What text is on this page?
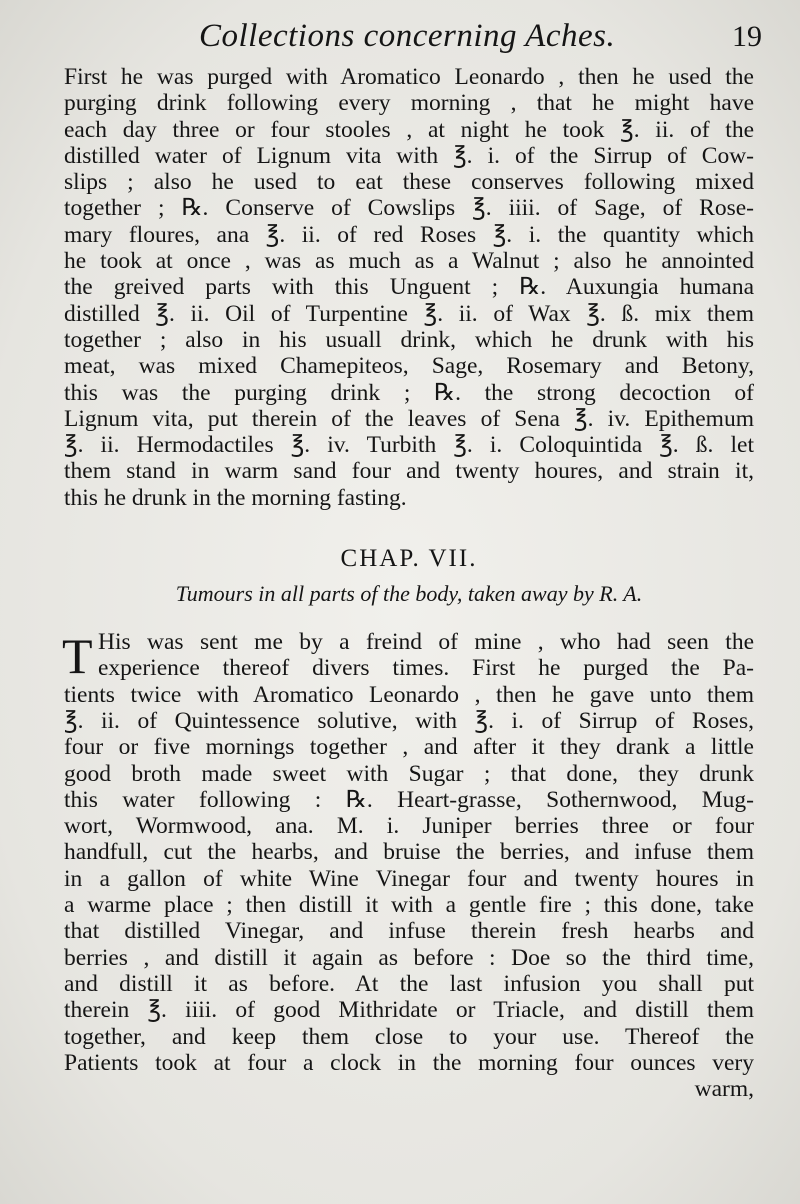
Collections concerning Aches.	19
First he was purged with Aromatico Leonardo , then he used the
purging drink following every morning , that he might have
each day three or four stooles , at night he took ℥. ii. of the
distilled water of Lignum vita with ℥. i. of the Sirrup of Cow-
slips ; also he used to eat these conserves following mixed
together ; ℞. Conserve of Cowslips ℥. iiii. of Sage, of Rose-
mary floures, ana ℥. ii. of red Roses ℥. i. the quantity which
he took at once , was as much as a Walnut ; also he annointed
the greived parts with this Unguent ; ℞. Auxungia humana
distilled ℥. ii. Oil of Turpentine ℥. ii. of Wax ℥. ß. mix them
together ; also in his usuall drink, which he drunk with his
meat, was mixed Chamepiteos, Sage, Rosemary and Betony,
this was the purging drink ; ℞. the strong decoction of
Lignum vita, put therein of the leaves of Sena ℥. iv. Epithemum
℥. ii. Hermodactiles ℥. iv. Turbith ℥. i. Coloquintida ℥. ß. let
them stand in warm sand four and twenty houres, and strain it,
this he drunk in the morning fasting.
CHAP. VII.
Tumours in all parts of the body, taken away by R. A.
T His was sent me by a freind of mine , who had seen the
experience thereof divers times. First he purged the Pa-
tients twice with Aromatico Leonardo , then he gave unto them
℥. ii. of Quintessence solutive, with ℥. i. of Sirrup of Roses,
four or five mornings together , and after it they drank a little
good broth made sweet with Sugar ; that done, they drunk
this water following : ℞. Heart-grasse, Sothernwood, Mug-
wort, Wormwood, ana. M. i. Juniper berries three or four
handfull, cut the hearbs, and bruise the berries, and infuse them
in a gallon of white Wine Vinegar four and twenty houres in
a warme place ; then distill it with a gentle fire ; this done, take
that distilled Vinegar, and infuse therein fresh hearbs and
berries , and distill it again as before : Doe so the third time,
and distill it as before. At the last infusion you shall put
therein ℥. iiii. of good Mithridate or Triacle, and distill them
together, and keep them close to your use. Thereof the
Patients took at four a clock in the morning four ounces very
warm,
